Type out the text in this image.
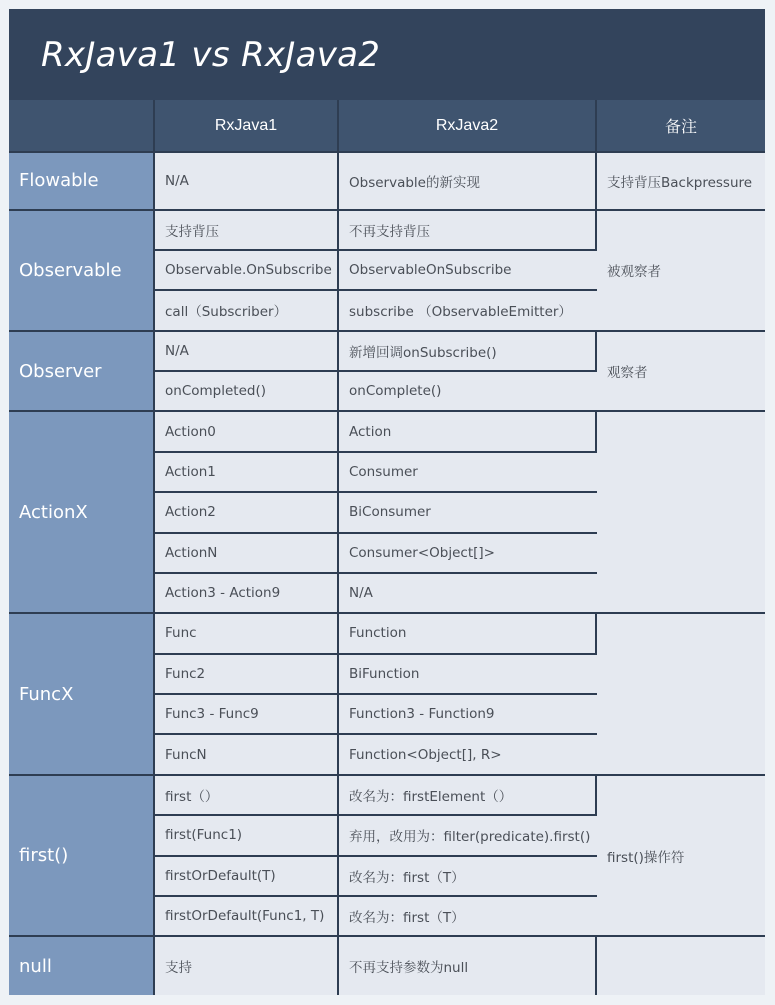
RxJava1 vs RxJava2
	RxJava1	RxJava2	备注
Flowable	N/A	Observable的新实现	支持背压Backpressure
Observable	支持背压	不再支持背压	被观察者
	Observable.OnSubscribe	ObservableOnSubscribe	
	call（Subscriber）	subscribe （ObservableEmitter）	
Observer	N/A	新增回调onSubscribe()	观察者
	onCompleted()	onComplete()	
ActionX	Action0	Action	
	Action1	Consumer	
	Action2	BiConsumer	
	ActionN	Consumer<Object[]>	
	Action3 - Action9	N/A	
FuncX	Func	Function	
	Func2	BiFunction	
	Func3 - Func9	Function3 - Function9	
	FuncN	Function<Object[], R>	
first()	first（）	改名为：firstElement（）	first()操作符
	first(Func1)	弃用，改用为：filter(predicate).first()	
	firstOrDefault(T)	改名为：first（T）	
	firstOrDefault(Func1, T)	改名为：first（T）	
null	支持	不再支持参数为null	
